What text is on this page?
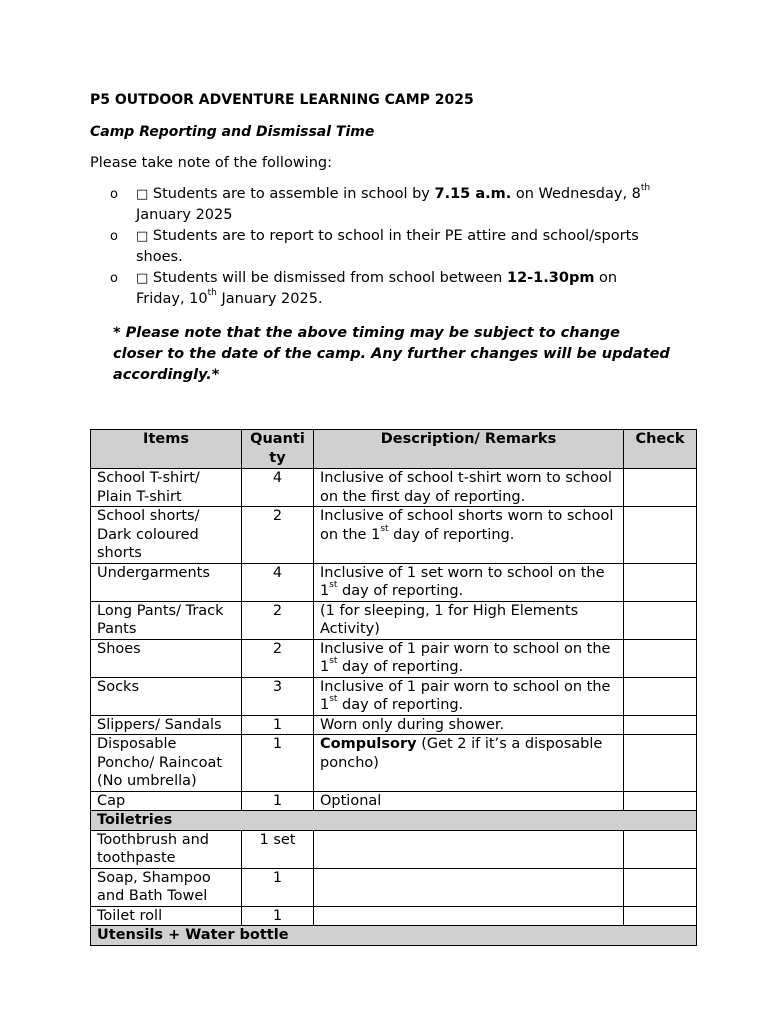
P5 OUTDOOR ADVENTURE LEARNING CAMP 2025

Camp Reporting and Dismissal Time

Please take note of the following:

o □ Students are to assemble in school by 7.15 a.m. on Wednesday, 8th January 2025
o □ Students are to report to school in their PE attire and school/sports shoes.
o □ Students will be dismissed from school between 12-1.30pm on Friday, 10th January 2025.

* Please note that the above timing may be subject to change closer to the date of the camp. Any further changes will be updated accordingly.*

Items	Quanti ty	Description/ Remarks	Check
School T-shirt/ Plain T-shirt	4	Inclusive of school t-shirt worn to school on the first day of reporting.	
School shorts/ Dark coloured shorts	2	Inclusive of school shorts worn to school on the 1st day of reporting.	
Undergarments	4	Inclusive of 1 set worn to school on the 1st day of reporting.	
Long Pants/ Track Pants	2	(1 for sleeping, 1 for High Elements Activity)	
Shoes	2	Inclusive of 1 pair worn to school on the 1st day of reporting.	
Socks	3	Inclusive of 1 pair worn to school on the 1st day of reporting.	
Slippers/ Sandals	1	Worn only during shower.	
Disposable Poncho/ Raincoat (No umbrella)	1	Compulsory (Get 2 if it’s a disposable poncho)	
Cap	1	Optional	
Toiletries			
Toothbrush and toothpaste	1 set		
Soap, Shampoo and Bath Towel	1		
Toilet roll	1		
Utensils + Water bottle			
